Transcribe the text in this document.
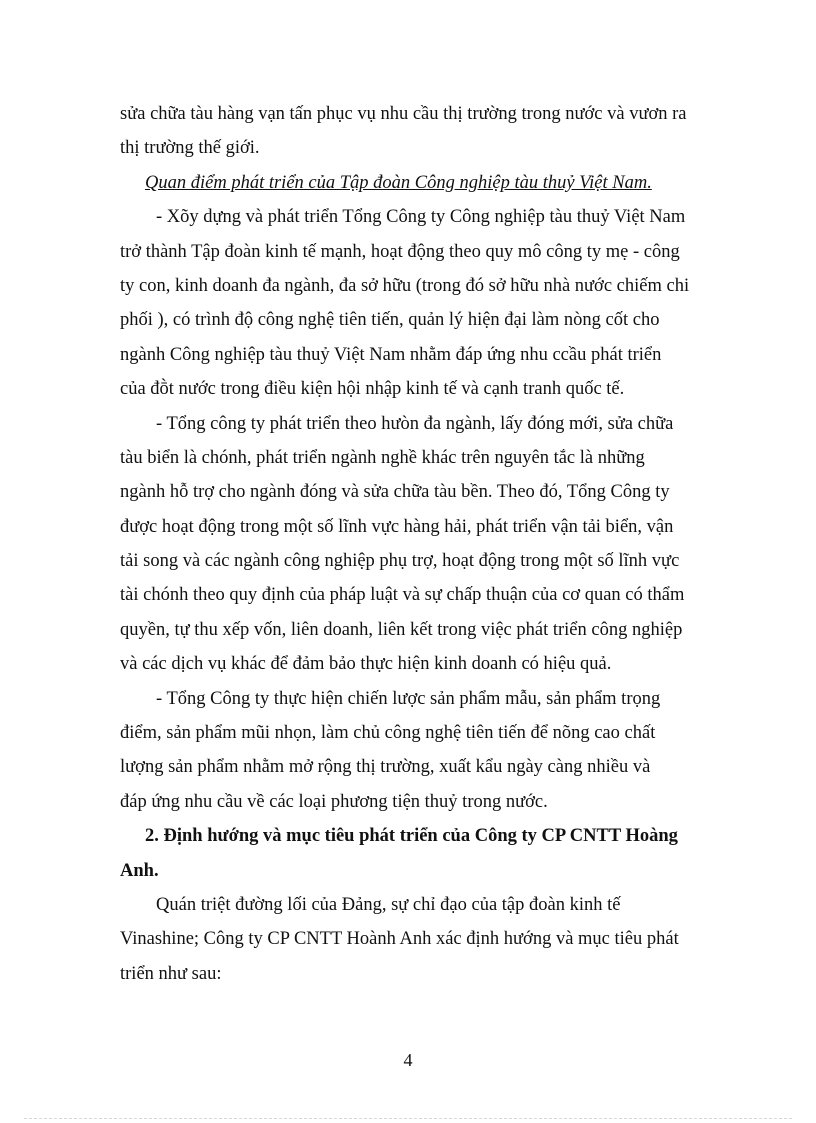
sửa chữa tàu hàng vạn tấn phục vụ nhu cầu thị trường trong nước và vươn ra
thị trường thế giới.
Quan điểm phát triển của Tập đoàn Công nghiệp tàu thuỷ Việt Nam.
- Xõy dựng và phát triển Tổng Công ty Công nghiệp tàu thuỷ Việt Nam
trở thành Tập đoàn kinh tế mạnh, hoạt động theo quy mô công ty mẹ - công
ty con, kinh doanh đa ngành, đa sở hữu (trong đó sở hữu nhà nước chiếm chi
phối ), có trình độ công nghệ tiên tiến, quản lý hiện đại làm nòng cốt cho
ngành Công nghiệp tàu thuỷ Việt Nam nhằm đáp ứng nhu ccầu phát triển
của đṑt nước trong điều kiện hội nhập kinh tế và cạnh tranh quốc tế.
- Tổng công ty phát triển theo hưòn đa ngành, lấy đóng mới, sửa chữa
tàu biển là chónh, phát triển ngành nghề khác trên nguyên tắc là những
ngành hỗ trợ cho ngành đóng và sửa chữa tàu bền. Theo đó, Tổng Công ty
được hoạt động trong một số lĩnh vực hàng hải, phát triển vận tải biển, vận
tải song và các ngành công nghiệp phụ trợ, hoạt động trong một số lĩnh vực
tài chónh theo quy định của pháp luật và sự chấp thuận của cơ quan có thẩm
quyền, tự thu xếp vốn, liên doanh, liên kết trong việc phát triển công nghiệp
và các dịch vụ khác để đảm bảo thực hiện kinh doanh có hiệu quả.
- Tổng Công ty thực hiện chiến lược sản phẩm mẫu, sản phẩm trọng
điểm, sản phẩm mũi nhọn, làm chủ công nghệ tiên tiến để nõng cao chất
lượng sản phẩm nhằm mở rộng thị trường, xuất kẩu ngày càng nhiều và
đáp ứng nhu cầu về các loại phương tiện thuỷ trong nước.
2. Định hướng và mục tiêu phát triển của Công ty CP CNTT Hoàng
Anh.
Quán triệt đường lối của Đảng, sự chỉ đạo của tập đoàn kinh tế
Vinashine; Công ty CP CNTT Hoành Anh xác định hướng và mục tiêu phát
triển như sau:
4
